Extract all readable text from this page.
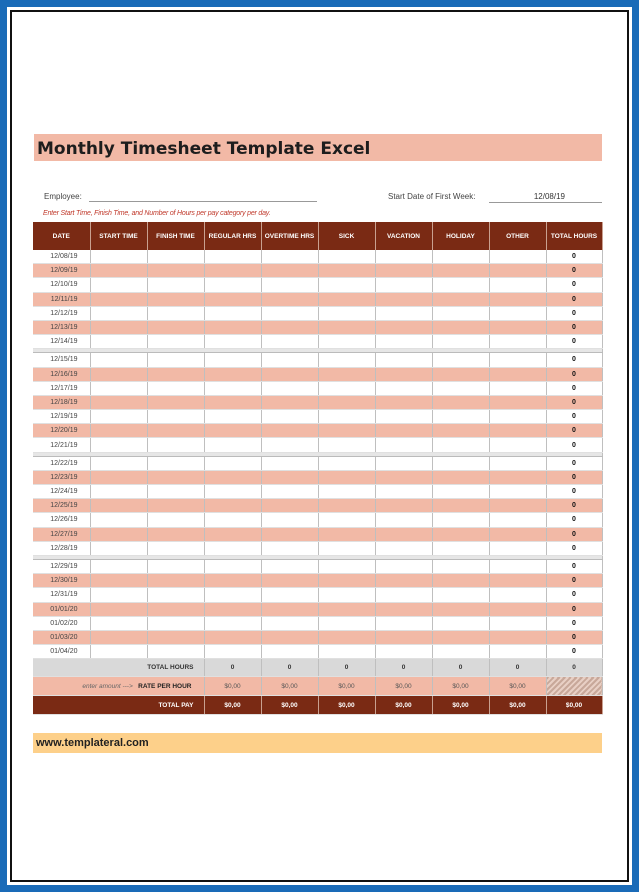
Monthly Timesheet Template Excel
Employee:	Start Date of First Week:	12/08/19
Enter Start Time, Finish Time, and Number of Hours per pay category per day.
DATE	START TIME	FINISH TIME	REGULAR HRS	OVERTIME HRS	SICK	VACATION	HOLIDAY	OTHER	TOTAL HOURS
12/08/19									0
12/09/19									0
12/10/19									0
12/11/19									0
12/12/19									0
12/13/19									0
12/14/19									0

12/15/19									0
12/16/19									0
12/17/19									0
12/18/19									0
12/19/19									0
12/20/19									0
12/21/19									0

12/22/19									0
12/23/19									0
12/24/19									0
12/25/19									0
12/26/19									0
12/27/19									0
12/28/19									0

12/29/19									0
12/30/19									0
12/31/19									0
01/01/20									0
01/02/20									0
01/03/20									0
01/04/20									0
TOTAL HOURS			0	0	0	0	0	0	0
enter amount ---> RATE PER HOUR			$0,00	$0,00	$0,00	$0,00	$0,00	$0,00	
TOTAL PAY			$0,00	$0,00	$0,00	$0,00	$0,00	$0,00	$0,00
www.templateral.com
